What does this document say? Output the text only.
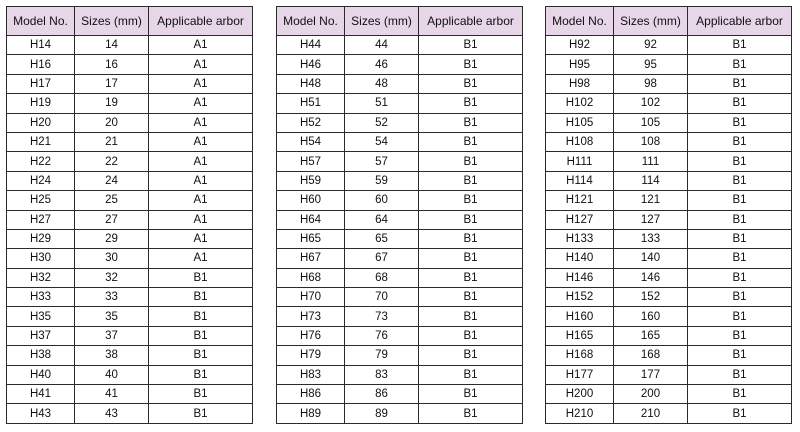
Model No.	Sizes (mm)	Applicable arbor
H14	14	A1
H16	16	A1
H17	17	A1
H19	19	A1
H20	20	A1
H21	21	A1
H22	22	A1
H24	24	A1
H25	25	A1
H27	27	A1
H29	29	A1
H30	30	A1
H32	32	B1
H33	33	B1
H35	35	B1
H37	37	B1
H38	38	B1
H40	40	B1
H41	41	B1
H43	43	B1
Model No.	Sizes (mm)	Applicable arbor
H44	44	B1
H46	46	B1
H48	48	B1
H51	51	B1
H52	52	B1
H54	54	B1
H57	57	B1
H59	59	B1
H60	60	B1
H64	64	B1
H65	65	B1
H67	67	B1
H68	68	B1
H70	70	B1
H73	73	B1
H76	76	B1
H79	79	B1
H83	83	B1
H86	86	B1
H89	89	B1
Model No.	Sizes (mm)	Applicable arbor
H92	92	B1
H95	95	B1
H98	98	B1
H102	102	B1
H105	105	B1
H108	108	B1
H111	111	B1
H114	114	B1
H121	121	B1
H127	127	B1
H133	133	B1
H140	140	B1
H146	146	B1
H152	152	B1
H160	160	B1
H165	165	B1
H168	168	B1
H177	177	B1
H200	200	B1
H210	210	B1
